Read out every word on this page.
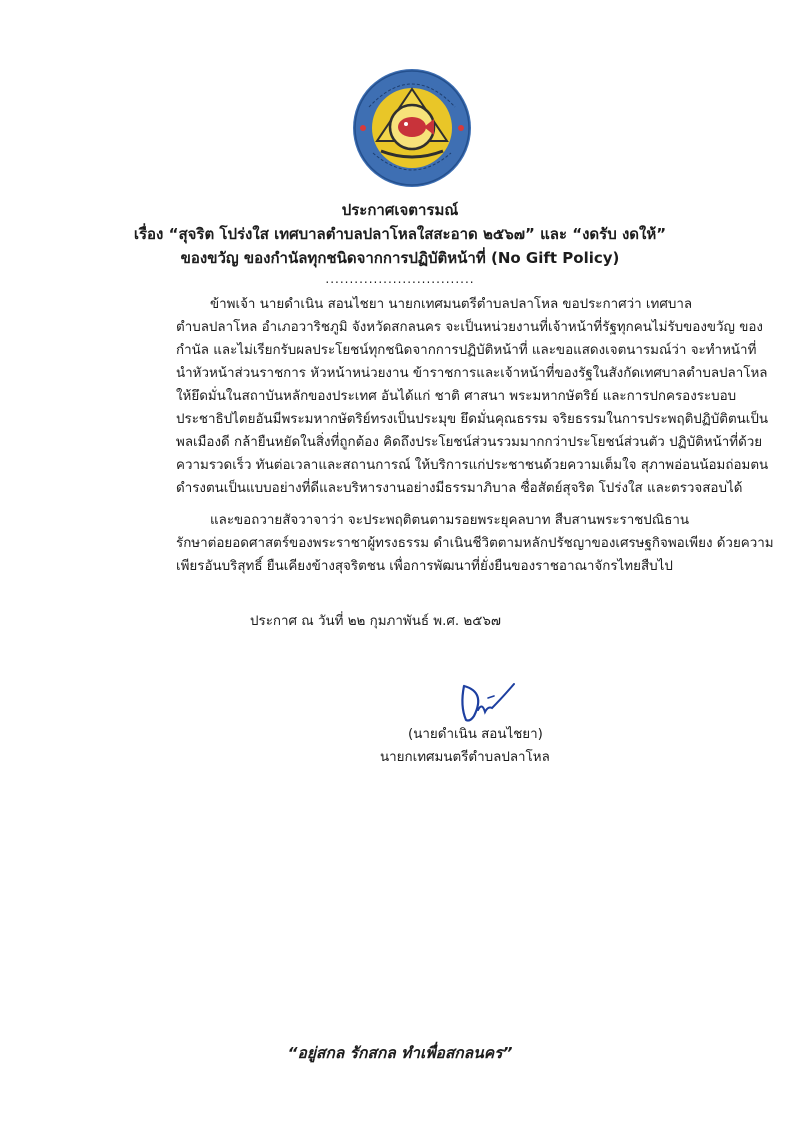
ประกาศเจตารมณ์
เรื่อง “สุจริต โปร่งใส เทศบาลตำบลปลาโหลใสสะอาด ๒๕๖๗” และ “งดรับ งดให้”
ของขวัญ ของกำนัลทุกชนิดจากการปฏิบัติหน้าที่ (No Gift Policy)
...............................
ข้าพเจ้า นายดำเนิน สอนไชยา นายกเทศมนตรีตำบลปลาโหล ขอประกาศว่า เทศบาล
ตำบลปลาโหล อำเภอวาริชภูมิ จังหวัดสกลนคร จะเป็นหน่วยงานที่เจ้าหน้าที่รัฐทุกคนไม่รับของขวัญ ของ
กำนัล และไม่เรียกรับผลประโยชน์ทุกชนิดจากการปฏิบัติหน้าที่ และขอแสดงเจตนารมณ์ว่า จะทำหน้าที่
นำหัวหน้าส่วนราชการ หัวหน้าหน่วยงาน ข้าราชการและเจ้าหน้าที่ของรัฐในสังกัดเทศบาลตำบลปลาโหล
ให้ยึดมั่นในสถาบันหลักของประเทศ อันได้แก่ ชาติ ศาสนา พระมหากษัตริย์ และการปกครองระบอบ
ประชาธิปไตยอันมีพระมหากษัตริย์ทรงเป็นประมุข ยึดมั่นคุณธรรม จริยธรรมในการประพฤติปฏิบัติตนเป็น
พลเมืองดี กล้ายืนหยัดในสิ่งที่ถูกต้อง คิดถึงประโยชน์ส่วนรวมมากกว่าประโยชน์ส่วนตัว ปฏิบัติหน้าที่ด้วย
ความรวดเร็ว ทันต่อเวลาและสถานการณ์ ให้บริการแก่ประชาชนด้วยความเต็มใจ สุภาพอ่อนน้อมถ่อมตน
ดำรงตนเป็นแบบอย่างที่ดีและบริหารงานอย่างมีธรรมาภิบาล ซื่อสัตย์สุจริต โปร่งใส และตรวจสอบได้
และขอถวายสัจวาจาว่า จะประพฤติตนตามรอยพระยุคลบาท สืบสานพระราชปณิธาน
รักษาต่อยอดศาสตร์ของพระราชาผู้ทรงธรรม ดำเนินชีวิตตามหลักปรัชญาของเศรษฐกิจพอเพียง ด้วยความ
เพียรอันบริสุทธิ์ ยืนเคียงข้างสุจริตชน เพื่อการพัฒนาที่ยั่งยืนของราชอาณาจักรไทยสืบไป
ประกาศ ณ วันที่ ๒๒ กุมภาพันธ์ พ.ศ. ๒๕๖๗
(นายดำเนิน สอนไชยา)
นายกเทศมนตรีตำบลปลาโหล
“อยู่สกล รักสกล ทำเพื่อสกลนคร”
